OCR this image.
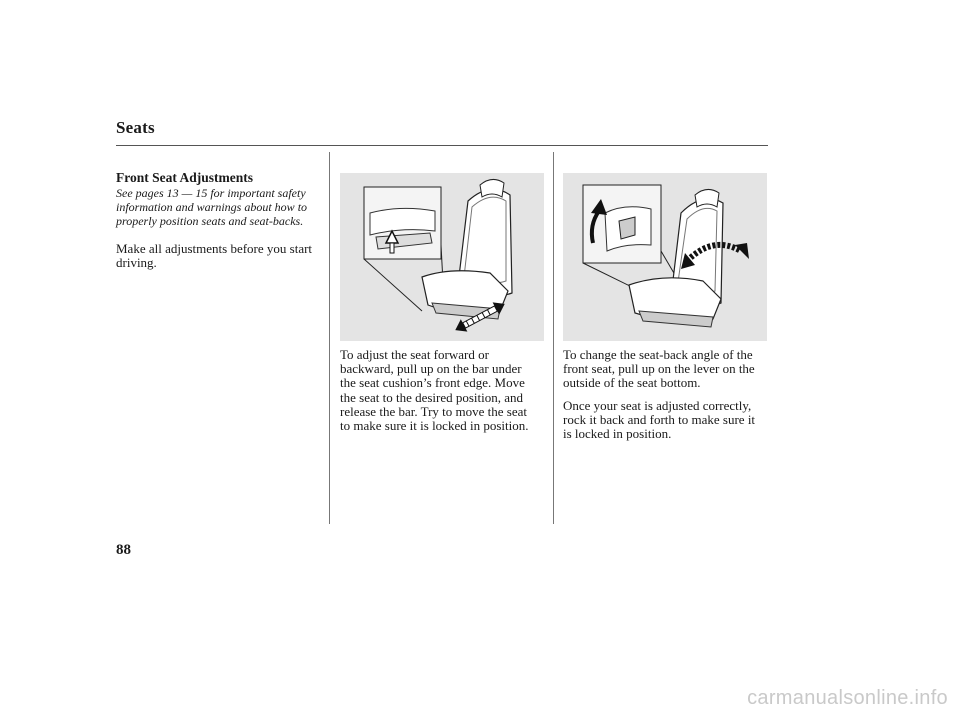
Seats
Front Seat Adjustments
See pages 13 — 15 for important safety information and warnings about how to properly position seats and seat-backs.
Make all adjustments before you start driving.
To adjust the seat forward or
backward, pull up on the bar under
the seat cushion’s front edge. Move
the seat to the desired position, and
release the bar. Try to move the seat
to make sure it is locked in position.
To change the seat-back angle of the
front seat, pull up on the lever on the
outside of the seat bottom.
Once your seat is adjusted correctly,
rock it back and forth to make sure it
is locked in position.
88
carmanualsonline.info
